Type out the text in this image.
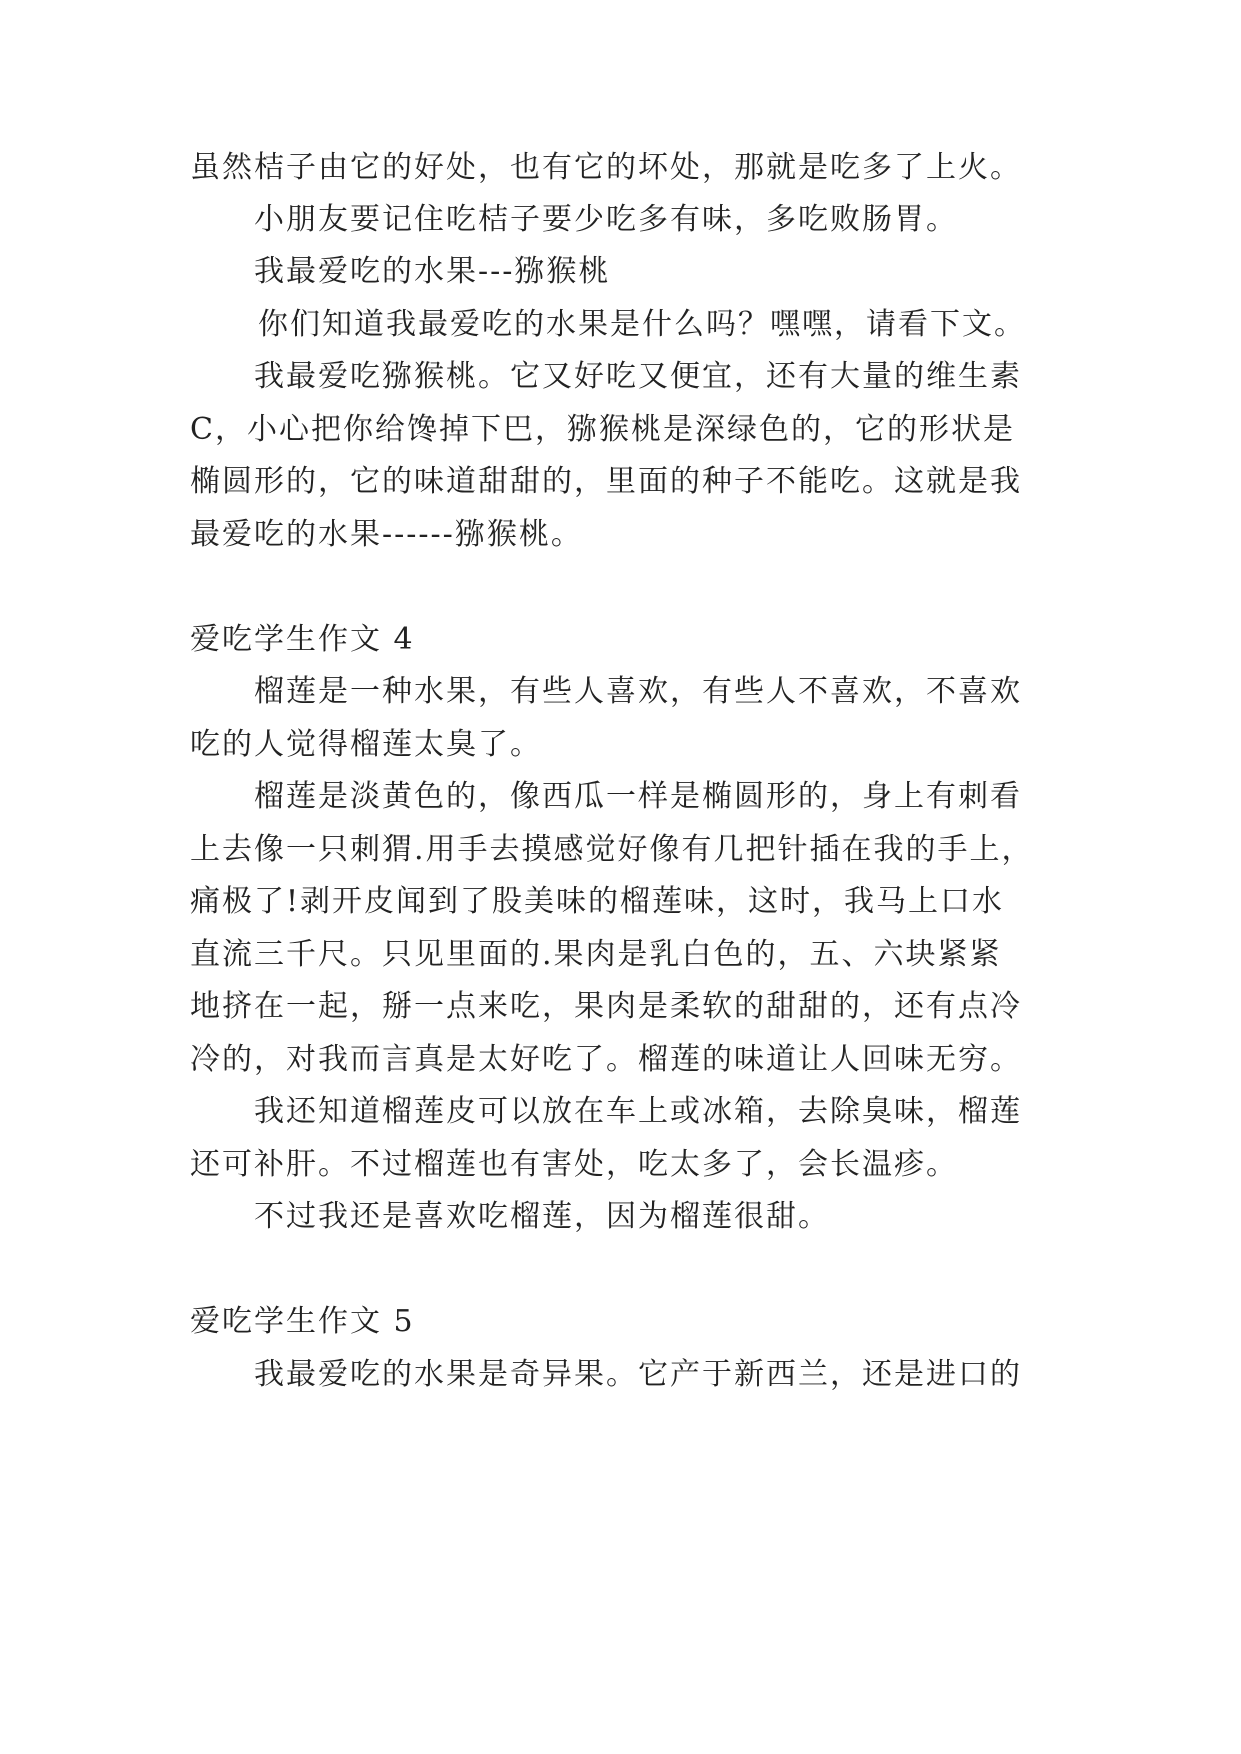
虽然桔子由它的好处，也有它的坏处，那就是吃多了上火。
小朋友要记住吃桔子要少吃多有味，多吃败肠胃。
我最爱吃的水果---猕猴桃
你们知道我最爱吃的水果是什么吗？嘿嘿，请看下文。
我最爱吃猕猴桃。它又好吃又便宜，还有大量的维生素
C，小心把你给馋掉下巴，猕猴桃是深绿色的，它的形状是
椭圆形的，它的味道甜甜的，里面的种子不能吃。这就是我
最爱吃的水果------猕猴桃。
爱吃学生作文 4
榴莲是一种水果，有些人喜欢，有些人不喜欢，不喜欢
吃的人觉得榴莲太臭了。
榴莲是淡黄色的，像西瓜一样是椭圆形的，身上有刺看
上去像一只刺猬.用手去摸感觉好像有几把针插在我的手上，
痛极了!剥开皮闻到了股美味的榴莲味，这时，我马上口水
直流三千尺。只见里面的.果肉是乳白色的，五、六块紧紧
地挤在一起，掰一点来吃，果肉是柔软的甜甜的，还有点冷
冷的，对我而言真是太好吃了。榴莲的味道让人回味无穷。
我还知道榴莲皮可以放在车上或冰箱，去除臭味，榴莲
还可补肝。不过榴莲也有害处，吃太多了，会长温疹。
不过我还是喜欢吃榴莲，因为榴莲很甜。
爱吃学生作文 5
我最爱吃的水果是奇异果。它产于新西兰，还是进口的
